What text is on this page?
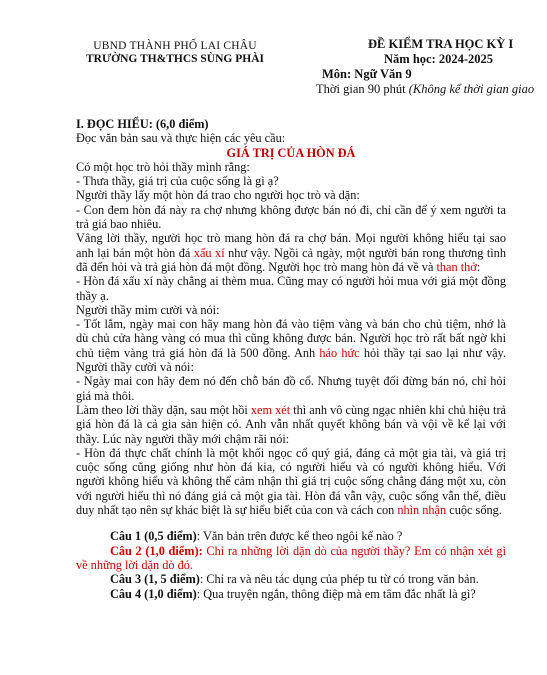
UBND THÀNH PHỐ LAI CHÂU
TRƯỜNG TH&THCS SÙNG PHÀI
ĐỀ KIỂM TRA HỌC KỲ I
Năm học: 2024-2025
Môn: Ngữ Văn 9
Thời gian 90 phút (Không kể thời gian giao

I. ĐỌC HIỂU: (6,0 điểm)

Đọc văn bản sau và thực hiện các yêu cầu:

GIÁ TRỊ CỦA HÒN ĐÁ

Có một học trò hỏi thầy mình rằng:

- Thưa thầy, giá trị của cuộc sống là gì ạ?

Người thầy lấy một hòn đá trao cho người học trò và dặn:

- Con đem hòn đá này ra chợ nhưng không được bán nó đi, chỉ cần để ý xem người ta trả giá bao nhiêu.

Vâng lời thầy, người học trò mang hòn đá ra chợ bán. Mọi người không hiểu tại sao anh lại bán một hòn đá xấu xí như vậy. Ngồi cả ngày, một người bán rong thương tình đã đến hỏi và trả giá hòn đá một đồng. Người học trò mang hòn đá về và than thở:

- Hòn đá xấu xí này chẳng ai thèm mua. Cũng may có người hỏi mua với giá một đồng thầy ạ.

Người thầy mỉm cười và nói:

- Tốt lắm, ngày mai con hãy mang hòn đá vào tiệm vàng và bán cho chủ tiệm, nhớ là dù chủ cửa hàng vàng có mua thì cũng không được bán. Người học trò rất bất ngờ khi chủ tiệm vàng trả giá hòn đá là 500 đồng. Anh háo hức hỏi thầy tại sao lại như vậy. Người thầy cười và nói:

- Ngày mai con hãy đem nó đến chỗ bán đồ cổ. Nhưng tuyệt đối đừng bán nó, chỉ hỏi giá mà thôi.

Làm theo lời thầy dặn, sau một hồi xem xét thì anh vô cùng ngạc nhiên khi chủ hiệu trả giá hòn đá là cả gia sản hiện có. Anh vẫn nhất quyết không bán và vội về kể lại với thầy. Lúc này người thầy mới chậm rãi nói:

- Hòn đá thực chất chính là một khối ngọc cổ quý giá, đáng cả một gia tài, và giá trị cuộc sống cũng giống như hòn đá kia, có người hiểu và có người không hiểu. Với người không hiểu và không thể cảm nhận thì giá trị cuộc sống chẳng đáng một xu, còn với người hiểu thì nó đáng giá cả một gia tài. Hòn đá vẫn vậy, cuộc sống vẫn thế, điều duy nhất tạo nên sự khác biệt là sự hiểu biết của con và cách con nhìn nhận cuộc sống.

Câu 1 (0,5 điểm): Văn bản trên được kể theo ngôi kể nào ?

Câu 2 (1,0 điểm): Chỉ ra những lời dặn dò của người thầy? Em có nhận xét gì về những lời dặn dò đó.

Câu 3 (1, 5 điểm): Chỉ ra và nêu tác dụng của phép tu từ có trong văn bản.

Câu 4 (1,0 điểm): Qua truyện ngắn, thông điệp mà em tâm đắc nhất là gì?
